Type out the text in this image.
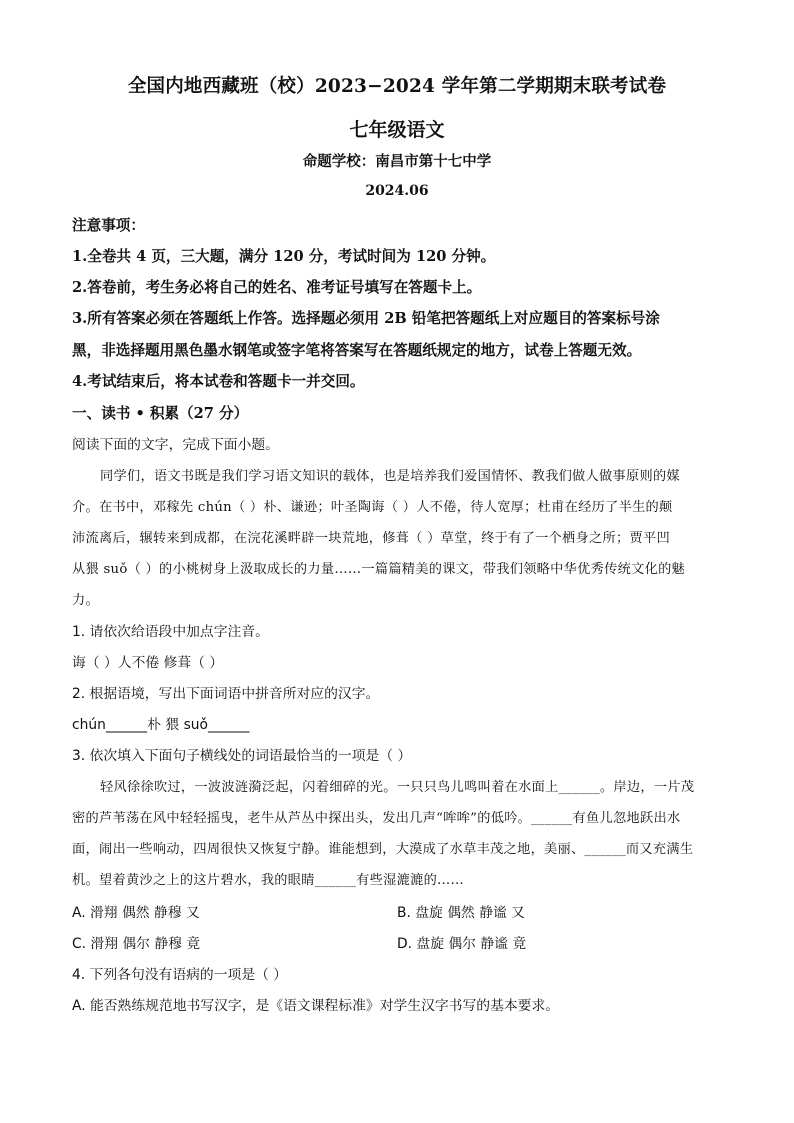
全国内地西藏班（校）2023−2024 学年第二学期期末联考试卷
七年级语文
命题学校：南昌市第十七中学
2024.06
注意事项：
1.全卷共 4 页，三大题，满分 120 分，考试时间为 120 分钟。
2.答卷前，考生务必将自己的姓名、准考证号填写在答题卡上。
3.所有答案必须在答题纸上作答。选择题必须用 2B 铅笔把答题纸上对应题目的答案标号涂
黑，非选择题用黑色墨水钢笔或签字笔将答案写在答题纸规定的地方，试卷上答题无效。
4.考试结束后，将本试卷和答题卡一并交回。
一、读书 • 积累（27 分）
阅读下面的文字，完成下面小题。
同学们，语文书既是我们学习语文知识的载体，也是培养我们爱国情怀、教我们做人做事原则的媒
介。在书中，邓稼先 chún（ ）朴、谦逊；叶圣陶诲（ ）人不倦，待人宽厚；杜甫在经历了半生的颠
沛流离后，辗转来到成都，在浣花溪畔辟一块荒地，修葺（ ）草堂，终于有了一个栖身之所；贾平凹
从猥 suǒ（ ）的小桃树身上汲取成长的力量……一篇篇精美的课文，带我们领略中华优秀传统文化的魅
力。
1. 请依次给语段中加点字注音。
诲（ ）人不倦 修葺（ ）
2. 根据语境，写出下面词语中拼音所对应的汉字。
chún______朴 猥 suǒ______
3. 依次填入下面句子横线处的词语最恰当的一项是（ ）
轻风徐徐吹过，一波波涟漪泛起，闪着细碎的光。一只只鸟儿鸣叫着在水面上______。岸边，一片茂
密的芦苇荡在风中轻轻摇曳，老牛从芦丛中探出头，发出几声“哞哞”的低吟。______有鱼儿忽地跃出水
面，闹出一些响动，四周很快又恢复宁静。谁能想到，大漠成了水草丰茂之地，美丽、______而又充满生
机。望着黄沙之上的这片碧水，我的眼睛______有些湿漉漉的……
A. 滑翔 偶然 静穆 又	B. 盘旋 偶然 静谧 又
C. 滑翔 偶尔 静穆 竟	D. 盘旋 偶尔 静谧 竟
4. 下列各句没有语病的一项是（ ）
A. 能否熟练规范地书写汉字，是《语文课程标准》对学生汉字书写的基本要求。
